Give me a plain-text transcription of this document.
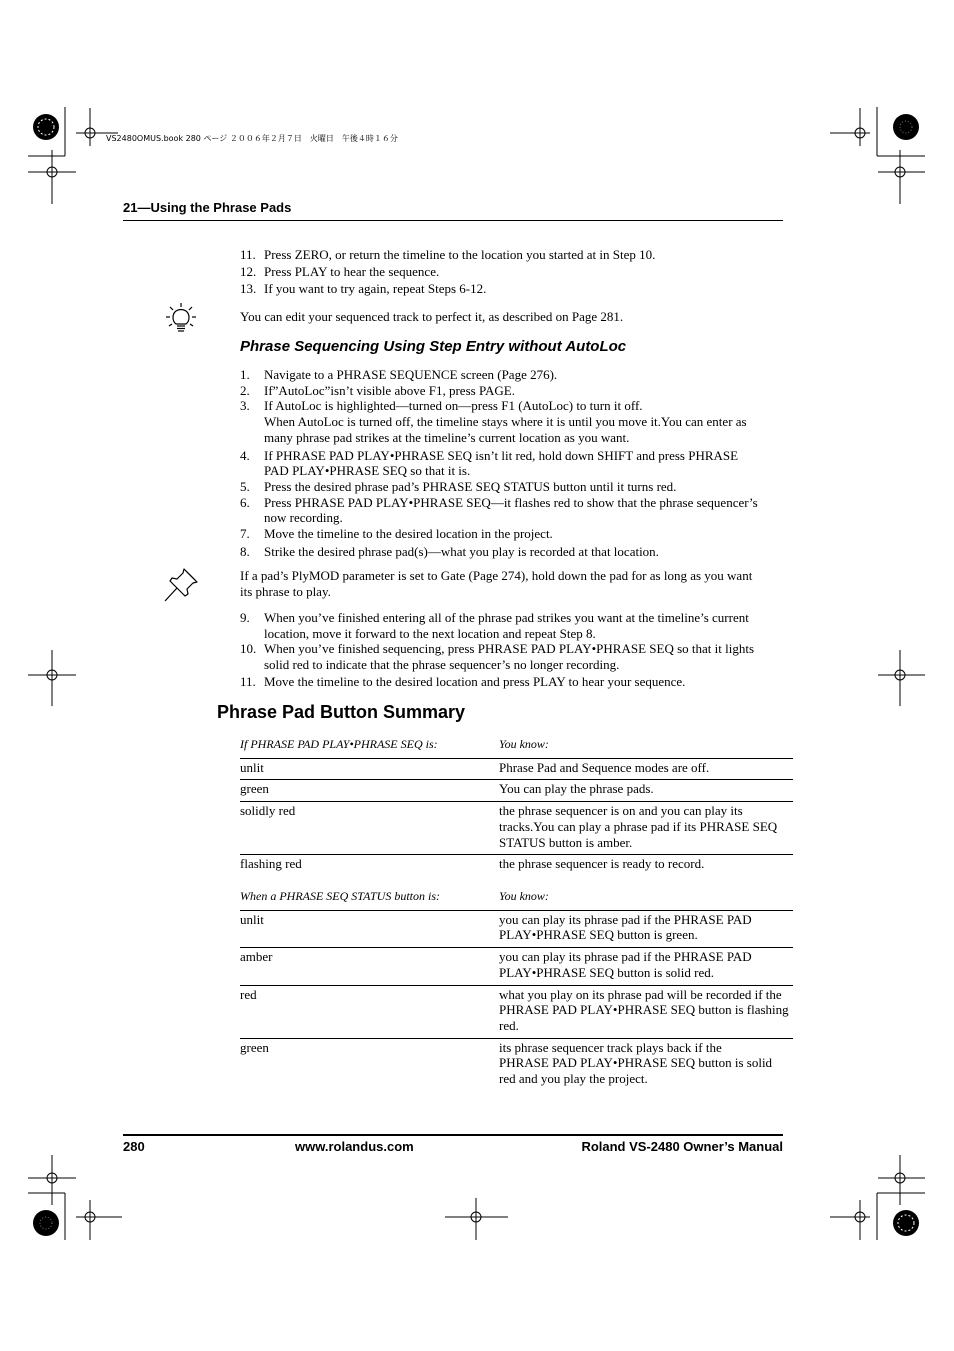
VS2480OMUS.book 280 ページ ２００６年２月７日　火曜日　午後４時１６分
21—Using the Phrase Pads
11. Press ZERO, or return the timeline to the location you started at in Step 10.
12. Press PLAY to hear the sequence.
13. If you want to try again, repeat Steps 6-12.
You can edit your sequenced track to perfect it, as described on Page 281.
Phrase Sequencing Using Step Entry without AutoLoc
1. Navigate to a PHRASE SEQUENCE screen (Page 276).
2. If”AutoLoc”isn’t visible above F1, press PAGE.
3. If AutoLoc is highlighted—turned on—press F1 (AutoLoc) to turn it off.
When AutoLoc is turned off, the timeline stays where it is until you move it.You can enter as many phrase pad strikes at the timeline’s current location as you want.
4. If PHRASE PAD PLAY•PHRASE SEQ isn’t lit red, hold down SHIFT and press PHRASE PAD PLAY•PHRASE SEQ so that it is.
5. Press the desired phrase pad’s PHRASE SEQ STATUS button until it turns red.
6. Press PHRASE PAD PLAY•PHRASE SEQ—it flashes red to show that the phrase sequencer’s now recording.
7. Move the timeline to the desired location in the project.
8. Strike the desired phrase pad(s)—what you play is recorded at that location.
If a pad’s PlyMOD parameter is set to Gate (Page 274), hold down the pad for as long as you want its phrase to play.
9. When you’ve finished entering all of the phrase pad strikes you want at the timeline’s current location, move it forward to the next location and repeat Step 8.
10. When you’ve finished sequencing, press PHRASE PAD PLAY•PHRASE SEQ so that it lights solid red to indicate that the phrase sequencer’s no longer recording.
11. Move the timeline to the desired location and press PLAY to hear your sequence.
Phrase Pad Button Summary
If PHRASE PAD PLAY•PHRASE SEQ is:	You know:
unlit	Phrase Pad and Sequence modes are off.
green	You can play the phrase pads.
solidly red	the phrase sequencer is on and you can play its tracks.You can play a phrase pad if its PHRASE SEQ STATUS button is amber.
flashing red	the phrase sequencer is ready to record.
When a PHRASE SEQ STATUS button is:	You know:
unlit	you can play its phrase pad if the PHRASE PAD PLAY•PHRASE SEQ button is green.
amber	you can play its phrase pad if the PHRASE PAD PLAY•PHRASE SEQ button is solid red.
red	what you play on its phrase pad will be recorded if the PHRASE PAD PLAY•PHRASE SEQ button is flashing red.
green	its phrase sequencer track plays back if the PHRASE PAD PLAY•PHRASE SEQ button is solid red and you play the project.
280	www.rolandus.com	Roland VS-2480 Owner’s Manual
